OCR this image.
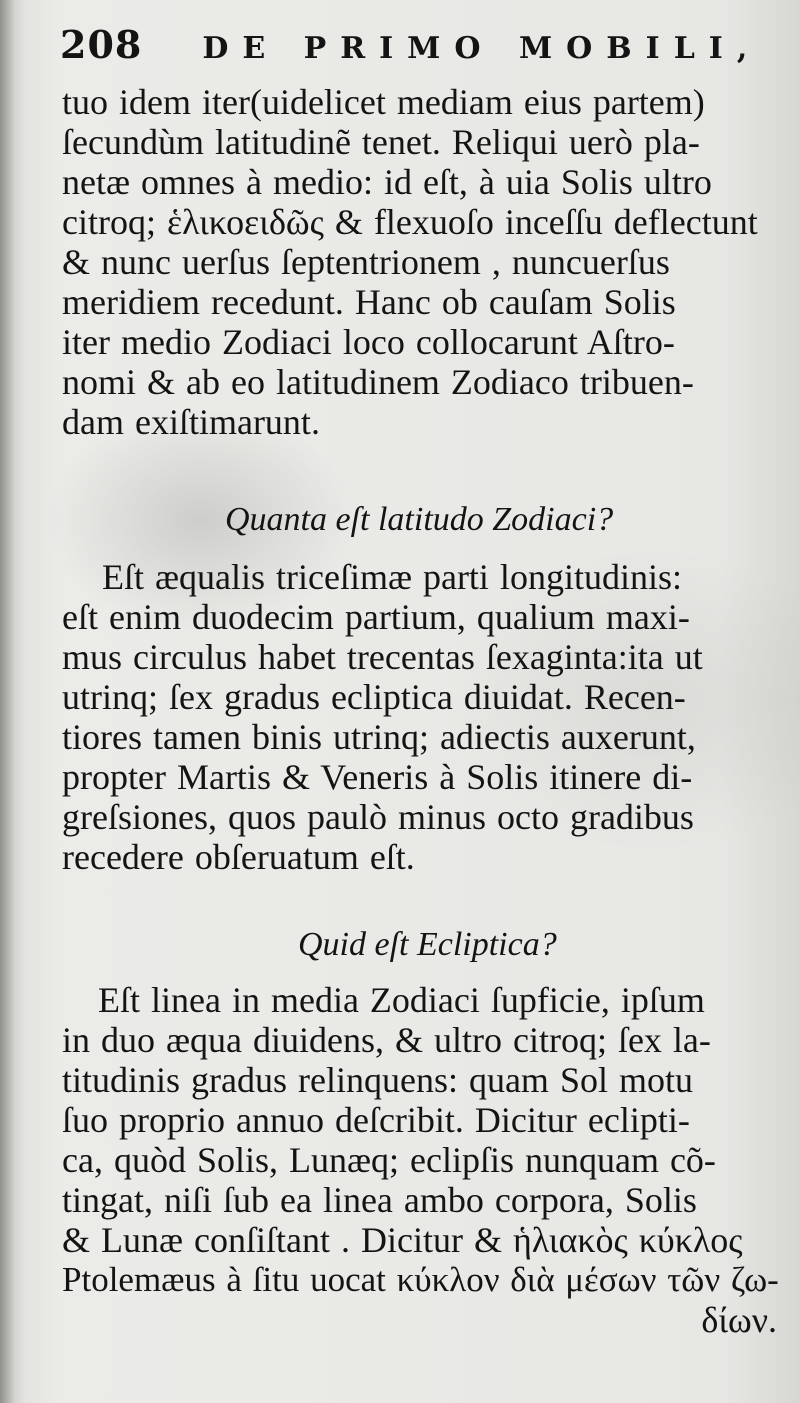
208 DE PRIMO MOBILI,
tuo idem iter(uidelicet mediam eius partem)
ſecundùm latitudinẽ tenet. Reliqui uerò pla-
netæ omnes à medio: id eſt, à uia Solis ultro
citroq; ἑλικοειδῶς & flexuoſo inceſſu deflectunt
& nunc uerſus ſeptentrionem , nuncuerſus
meridiem recedunt. Hanc ob cauſam Solis
iter medio Zodiaci loco collocarunt Aſtro-
nomi & ab eo latitudinem Zodiaco tribuen-
dam exiſtimarunt.
Quanta eſt latitudo Zodiaci?
Eſt æqualis triceſimæ parti longitudinis:
eſt enim duodecim partium, qualium maxi-
mus circulus habet trecentas ſexaginta:ita ut
utrinq; ſex gradus ecliptica diuidat. Recen-
tiores tamen binis utrinq; adiectis auxerunt,
propter Martis & Veneris à Solis itinere di-
greſsiones, quos paulò minus octo gradibus
recedere obſeruatum eſt.
Quid eſt Ecliptica?
Eſt linea in media Zodiaci ſupficie, ipſum
in duo æqua diuidens, & ultro citroq; ſex la-
titudinis gradus relinquens: quam Sol motu
ſuo proprio annuo deſcribit. Dicitur eclipti-
ca, quòd Solis, Lunæq; eclipſis nunquam cõ-
tingat, niſi ſub ea linea ambo corpora, Solis
& Lunæ conſiſtant . Dicitur & ἡλιακὸς κύκλος
Ptolemæus à ſitu uocat κύκλον διὰ μέσων τῶν ζω-
δίων.
